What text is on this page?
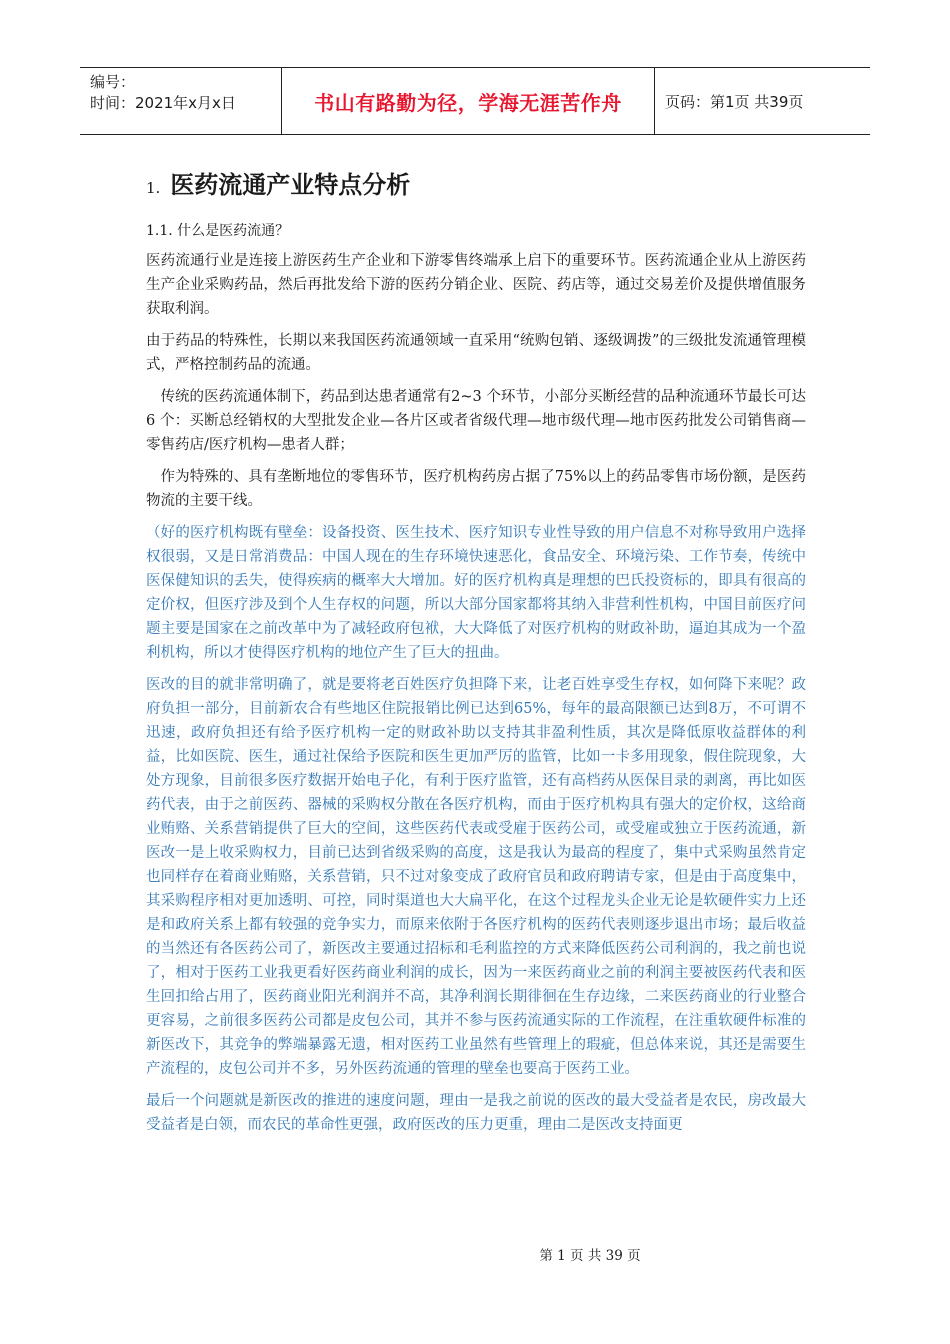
编号：
时间：2021年x月x日	书山有路勤为径，学海无涯苦作舟	页码：第1页 共39页
1. 医药流通产业特点分析
1.1. 什么是医药流通？

医药流通行业是连接上游医药生产企业和下游零售终端承上启下的重要环节。医药流通企业从上游医药生产企业采购药品，然后再批发给下游的医药分销企业、医院、药店等，通过交易差价及提供增值服务获取利润。

由于药品的特殊性，长期以来我国医药流通领域一直采用“统购包销、逐级调拨”的三级批发流通管理模式，严格控制药品的流通。

传统的医药流通体制下，药品到达患者通常有2~3 个环节，小部分买断经营的品种流通环节最长可达6 个：买断总经销权的大型批发企业—各片区或者省级代理—地市级代理—地市医药批发公司销售商—零售药店/医疗机构—患者人群；

作为特殊的、具有垄断地位的零售环节，医疗机构药房占据了75%以上的药品零售市场份额，是医药物流的主要干线。

（好的医疗机构既有壁垒：设备投资、医生技术、医疗知识专业性导致的用户信息不对称导致用户选择权很弱，又是日常消费品：中国人现在的生存环境快速恶化，食品安全、环境污染、工作节奏，传统中医保健知识的丢失，使得疾病的概率大大增加。好的医疗机构真是理想的巴氏投资标的，即具有很高的定价权，但医疗涉及到个人生存权的问题，所以大部分国家都将其纳入非营利性机构，中国目前医疗问题主要是国家在之前改革中为了减轻政府包袱，大大降低了对医疗机构的财政补助，逼迫其成为一个盈利机构，所以才使得医疗机构的地位产生了巨大的扭曲。

医改的目的就非常明确了，就是要将老百姓医疗负担降下来，让老百姓享受生存权，如何降下来呢？政府负担一部分，目前新农合有些地区住院报销比例已达到65%，每年的最高限额已达到8万，不可谓不迅速，政府负担还有给予医疗机构一定的财政补助以支持其非盈利性质，其次是降低原收益群体的利益，比如医院、医生，通过社保给予医院和医生更加严厉的监管，比如一卡多用现象，假住院现象，大处方现象，目前很多医疗数据开始电子化，有利于医疗监管，还有高档药从医保目录的剥离，再比如医药代表，由于之前医药、器械的采购权分散在各医疗机构，而由于医疗机构具有强大的定价权，这给商业贿赂、关系营销提供了巨大的空间，这些医药代表或受雇于医药公司，或受雇或独立于医药流通，新医改一是上收采购权力，目前已达到省级采购的高度，这是我认为最高的程度了，集中式采购虽然肯定也同样存在着商业贿赂，关系营销，只不过对象变成了政府官员和政府聘请专家，但是由于高度集中，其采购程序相对更加透明、可控，同时渠道也大大扁平化，在这个过程龙头企业无论是软硬件实力上还是和政府关系上都有较强的竞争实力，而原来依附于各医疗机构的医药代表则逐步退出市场；最后收益的当然还有各医药公司了，新医改主要通过招标和毛利监控的方式来降低医药公司利润的，我之前也说了，相对于医药工业我更看好医药商业利润的成长，因为一来医药商业之前的利润主要被医药代表和医生回扣给占用了，医药商业阳光利润并不高，其净利润长期徘徊在生存边缘，二来医药商业的行业整合更容易，之前很多医药公司都是皮包公司，其并不参与医药流通实际的工作流程，在注重软硬件标准的新医改下，其竞争的弊端暴露无遗，相对医药工业虽然有些管理上的瑕疵，但总体来说，其还是需要生产流程的，皮包公司并不多，另外医药流通的管理的壁垒也要高于医药工业。

最后一个问题就是新医改的推进的速度问题，理由一是我之前说的医改的最大受益者是农民，房改最大受益者是白领，而农民的革命性更强，政府医改的压力更重，理由二是医改支持面更

第 1 页 共 39 页
